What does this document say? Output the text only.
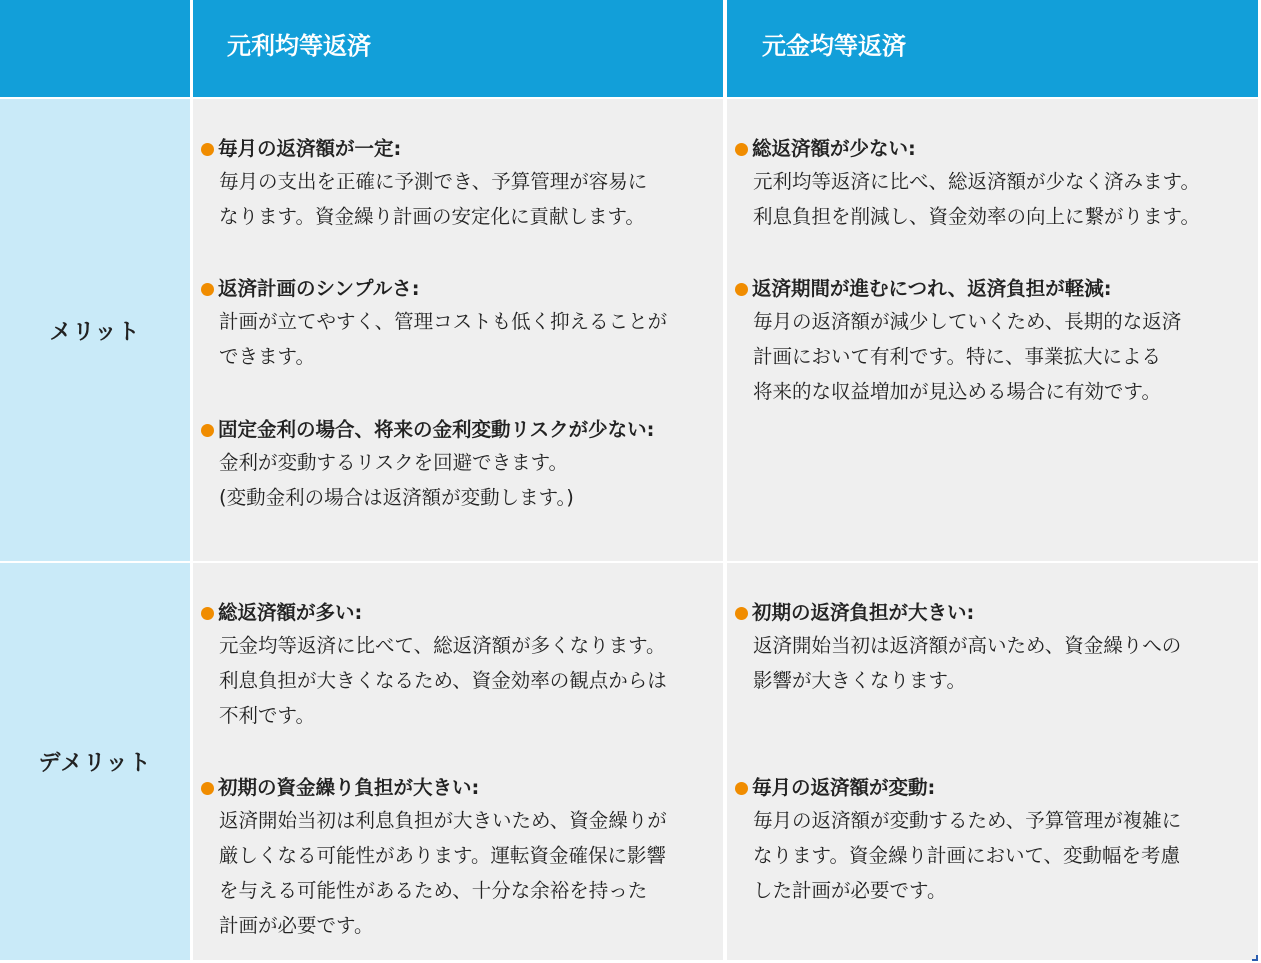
元利均等返済	元金均等返済
メリット
毎月の返済額が一定:
毎月の支出を正確に予測でき、予算管理が容易に
なります。資金繰り計画の安定化に貢献します。
返済計画のシンプルさ:
計画が立てやすく、管理コストも低く抑えることが
できます。
固定金利の場合、将来の金利変動リスクが少ない:
金利が変動するリスクを回避できます。
(変動金利の場合は返済額が変動します。)
総返済額が少ない:
元利均等返済に比べ、総返済額が少なく済みます。
利息負担を削減し、資金効率の向上に繋がります。
返済期間が進むにつれ、返済負担が軽減:
毎月の返済額が減少していくため、長期的な返済
計画において有利です。特に、事業拡大による
将来的な収益増加が見込める場合に有効です。
デメリット
総返済額が多い:
元金均等返済に比べて、総返済額が多くなります。
利息負担が大きくなるため、資金効率の観点からは
不利です。
初期の資金繰り負担が大きい:
返済開始当初は利息負担が大きいため、資金繰りが
厳しくなる可能性があります。運転資金確保に影響
を与える可能性があるため、十分な余裕を持った
計画が必要です。
初期の返済負担が大きい:
返済開始当初は返済額が高いため、資金繰りへの
影響が大きくなります。
毎月の返済額が変動:
毎月の返済額が変動するため、予算管理が複雑に
なります。資金繰り計画において、変動幅を考慮
した計画が必要です。
